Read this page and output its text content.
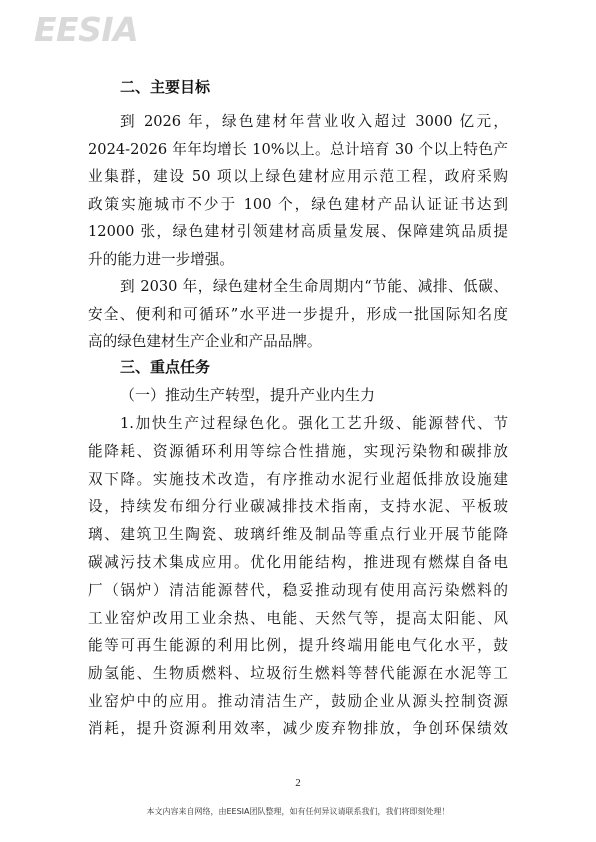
EESIA
二、主要目标
到 2026 年，绿色建材年营业收入超过 3000 亿元，
2024-2026 年年均增长 10%以上。总计培育 30 个以上特色产
业集群，建设 50 项以上绿色建材应用示范工程，政府采购
政策实施城市不少于 100 个，绿色建材产品认证证书达到
12000 张，绿色建材引领建材高质量发展、保障建筑品质提
升的能力进一步增强。
到 2030 年，绿色建材全生命周期内“节能、减排、低碳、
安全、便利和可循环”水平进一步提升，形成一批国际知名度
高的绿色建材生产企业和产品品牌。
三、重点任务
（一）推动生产转型，提升产业内生力
1.加快生产过程绿色化。强化工艺升级、能源替代、节
能降耗、资源循环利用等综合性措施，实现污染物和碳排放
双下降。实施技术改造，有序推动水泥行业超低排放设施建
设，持续发布细分行业碳减排技术指南，支持水泥、平板玻
璃、建筑卫生陶瓷、玻璃纤维及制品等重点行业开展节能降
碳减污技术集成应用。优化用能结构，推进现有燃煤自备电
厂（锅炉）清洁能源替代，稳妥推动现有使用高污染燃料的
工业窑炉改用工业余热、电能、天然气等，提高太阳能、风
能等可再生能源的利用比例，提升终端用能电气化水平，鼓
励氢能、生物质燃料、垃圾衍生燃料等替代能源在水泥等工
业窑炉中的应用。推动清洁生产，鼓励企业从源头控制资源
消耗，提升资源利用效率，减少废弃物排放，争创环保绩效
2
本文内容来自网络，由EESIA团队整理，如有任何异议请联系我们，我们将即刻处理！
